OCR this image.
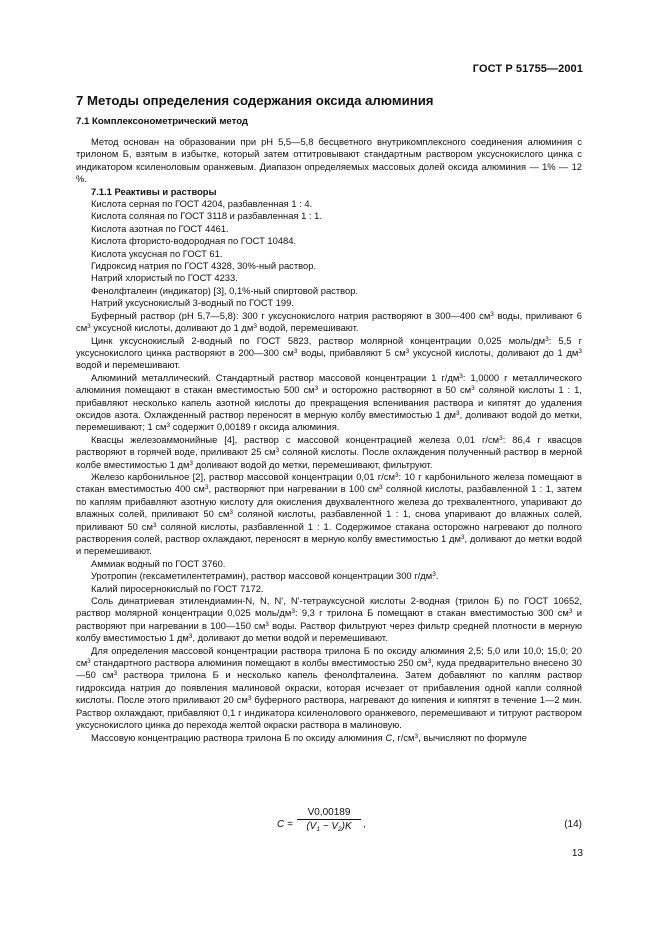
ГОСТ Р 51755—2001
7 Методы определения содержания оксида алюминия
7.1 Комплексонометрический метод

Метод основан на образовании при рН 5,5—5,8 бесцветного внутрикомплексного соединения алюминия с трилоном Б, взятым в избытке, который затем оттитровывают стандартным раствором уксуснокислого цинка с индикатором ксиленоловым оранжевым. Диапазон определяемых массовых долей оксида алюминия — 1% — 12 %.

7.1.1 Реактивы и растворы

Кислота серная по ГОСТ 4204, разбавленная 1 : 4.

Кислота соляная по ГОСТ 3118 и разбавленная 1 : 1.

Кислота азотная по ГОСТ 4461.

Кислота фтористо-водородная по ГОСТ 10484.

Кислота уксусная по ГОСТ 61.

Гидроксид натрия по ГОСТ 4328, 30%-ный раствор.

Натрий хлористый по ГОСТ 4233.

Фенолфталеин (индикатор) [3], 0,1%-ный спиртовой раствор.

Натрий уксуснокислый 3-водный по ГОСТ 199.

Буферный раствор (рН 5,7—5,8): 300 г уксуснокислого натрия растворяют в 300—400 $см^3$ воды, приливают 6 $см^3$ уксусной кислоты, доливают до 1 $дм^3$ водой, перемешивают.

Цинк уксуснокислый 2-водный по ГОСТ 5823, раствор молярной концентрации 0,025 моль/$дм^3$: 5,5 г уксуснокислого цинка растворяют в 200—300 $см^3$ воды, прибавляют 5 $см^3$ уксусной кислоты, доливают до 1 $дм^3$ водой и перемешивают.

Алюминий металлический. Стандартный раствор массовой концентрации 1 $г/дм^3$: 1,0000 г металлического алюминия помещают в стакан вместимостью 500 $см^3$ и осторожно растворяют в 50 $см^3$ соляной кислоты 1 : 1, прибавляют несколько капель азотной кислоты до прекращения вспенивания раствора и кипятят до удаления оксидов азота. Охлажденный раствор переносят в мерную колбу вместимостью 1 $дм^3$, доливают водой до метки, перемешивают; 1 $см^3$ содержит 0,00189 г оксида алюминия.

Квасцы железоаммонийные [4], раствор с массовой концентрацией железа 0,01 $г/см^3$: 86,4 г квасцов растворяют в горячей воде, приливают 25 $см^3$ соляной кислоты. После охлаждения полученный раствор в мерной колбе вместимостью 1 $дм^3$ доливают водой до метки, перемешивают, фильтруют.

Железо карбонильное [2], раствор массовой концентрации 0,01 $г/см^3$: 10 г карбонильного железа помещают в стакан вместимостью 400 $см^3$, растворяют при нагревании в 100 $см^3$ соляной кислоты, разбавленной 1 : 1, затем по каплям прибавляют азотную кислоту для окисления двухвалентного железа до трехвалентного, упаривают до влажных солей, приливают 50 $см^3$ соляной кислоты, разбавленной 1 : 1, снова упаривают до влажных солей, приливают 50 $см^3$ соляной кислоты, разбавленной 1 : 1. Содержимое стакана осторожно нагревают до полного растворения солей, раствор охлаждают, переносят в мерную колбу вместимостью 1 $дм^3$, доливают до метки водой и перемешивают.

Аммиак водный по ГОСТ 3760.

Уротропин (гексаметилентетрамин), раствор массовой концентрации 300 $г/дм^3$.

Калий пиросернокислый по ГОСТ 7172.

Соль динатриевая этилендиамин-N, N, N', N'-тетрауксусной кислоты 2-водная (трилон Б) по ГОСТ 10652, раствор молярной концентрации 0,025 моль/$дм^3$: 9,3 г трилона Б помещают в стакан вместимостью 300 $см^3$ и растворяют при нагревании в 100—150 $см^3$ воды. Раствор фильтруют через фильтр средней плотности в мерную колбу вместимостью 1 $дм^3$, доливают до метки водой и перемешивают.

Для определения массовой концентрации раствора трилона Б по оксиду алюминия 2,5; 5,0 или 10,0; 15,0; 20 $см^3$ стандартного раствора алюминия помещают в колбы вместимостью 250 $см^3$, куда предварительно внесено 30—50 $см^3$ раствора трилона Б и несколько капель фенолфталеина. Затем добавляют по каплям раствор гидроксида натрия до появления малиновой окраски, которая исчезает от прибавления одной капли соляной кислоты. После этого приливают 20 $см^3$ буферного раствора, нагревают до кипения и кипятят в течение 1—2 мин. Раствор охлаждают, прибавляют 0,1 г индикатора ксиленолового оранжевого, перемешивают и титруют раствором уксуснокислого цинка до перехода желтой окраски раствора в малиновую.

Массовую концентрацию раствора трилона Б по оксиду алюминия C, $г/см^3$, вычисляют по формуле

$C = \frac{V0,00189}{(V_1 - V_2)K}$ ,	(14)
13
